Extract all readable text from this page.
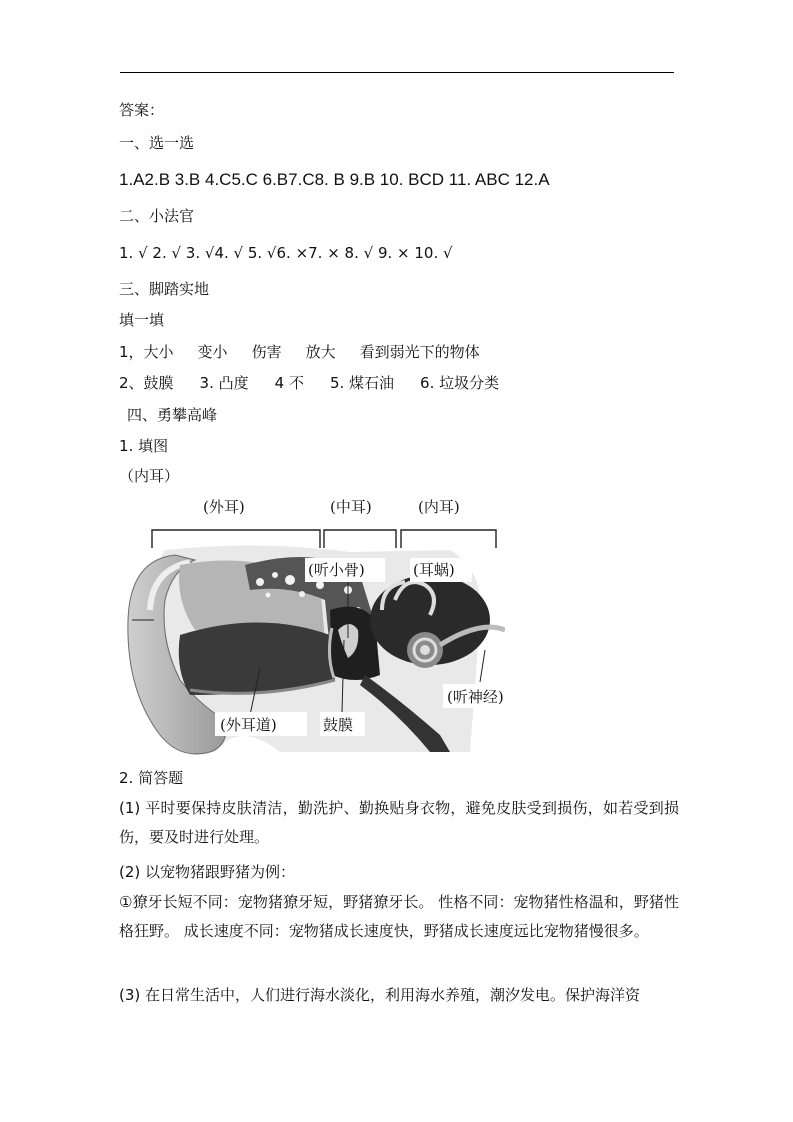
答案：
一、选一选
1.A2.B 3.B 4.C5.C 6.B7.C8. B 9.B 10. BCD 11. ABC 12.A
二、小法官
1. √ 2. √ 3. √4. √ 5. √6. ×7. × 8. √ 9. × 10. √
三、脚踏实地
填一填
1，大小 变小 伤害 放大 看到弱光下的物体
2、鼓膜 3. 凸度 4 不 5. 煤石油 6. 垃圾分类
四、勇攀高峰
1. 填图
（内耳）
(外耳)	(中耳)	(内耳)
(听小骨)	(耳蜗)
(外耳道)	鼓膜
(听神经)
2. 简答题
(1) 平时要保持皮肤清洁，勤洗护、勤换贴身衣物，避免皮肤受到损伤，如若受到损伤，要及时进行处理。
(2) 以宠物猪跟野猪为例：
①獠牙长短不同：宠物猪獠牙短，野猪獠牙长。 性格不同：宠物猪性格温和，野猪性格狂野。 成长速度不同：宠物猪成长速度快，野猪成长速度远比宠物猪慢很多。
(3) 在日常生活中，人们进行海水淡化，利用海水养殖，潮汐发电。保护海洋资
